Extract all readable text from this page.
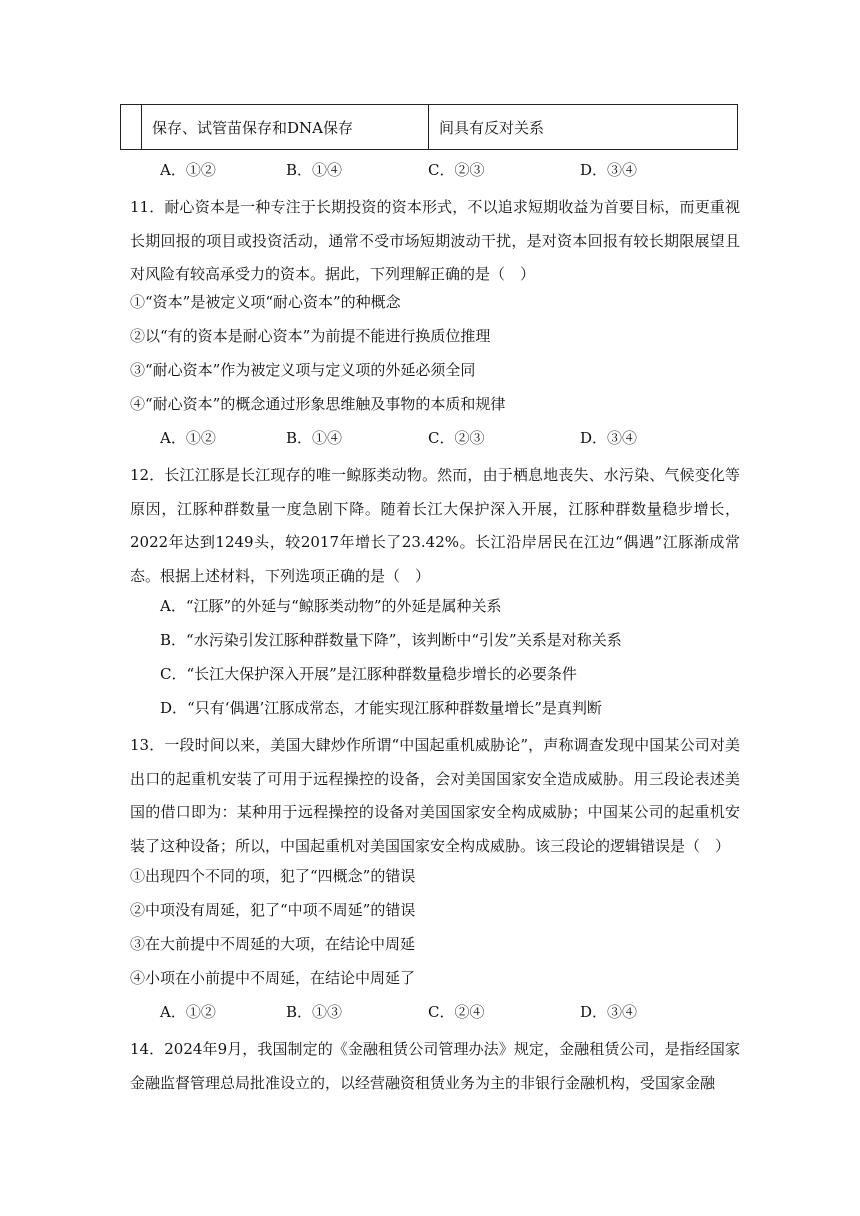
	保存、试管苗保存和DNA保存	间具有反对关系
A．①②	B．①④	C．②③	D．③④
11．耐心资本是一种专注于长期投资的资本形式，不以追求短期收益为首要目标，而更重视长期回报的项目或投资活动，通常不受市场短期波动干扰，是对资本回报有较长期限展望且对风险有较高承受力的资本。据此，下列理解正确的是（　）
①“资本”是被定义项“耐心资本”的种概念
②以“有的资本是耐心资本”为前提不能进行换质位推理
③“耐心资本”作为被定义项与定义项的外延必须全同
④“耐心资本”的概念通过形象思维触及事物的本质和规律
A．①②	B．①④	C．②③	D．③④
12．长江江豚是长江现存的唯一鲸豚类动物。然而，由于栖息地丧失、水污染、气候变化等原因，江豚种群数量一度急剧下降。随着长江大保护深入开展，江豚种群数量稳步增长，2022年达到1249头，较2017年增长了23.42%。长江沿岸居民在江边“偶遇”江豚渐成常态。根据上述材料，下列选项正确的是（　）
A．“江豚”的外延与“鲸豚类动物”的外延是属种关系
B．“水污染引发江豚种群数量下降”，该判断中“引发”关系是对称关系
C．“长江大保护深入开展”是江豚种群数量稳步增长的必要条件
D．“只有‘偶遇’江豚成常态，才能实现江豚种群数量增长”是真判断
13．一段时间以来，美国大肆炒作所谓“中国起重机威胁论”，声称调查发现中国某公司对美出口的起重机安装了可用于远程操控的设备，会对美国国家安全造成威胁。用三段论表述美国的借口即为：某种用于远程操控的设备对美国国家安全构成威胁；中国某公司的起重机安装了这种设备；所以，中国起重机对美国国家安全构成威胁。该三段论的逻辑错误是（　）
①出现四个不同的项，犯了“四概念”的错误
②中项没有周延，犯了“中项不周延”的错误
③在大前提中不周延的大项，在结论中周延
④小项在小前提中不周延，在结论中周延了
A．①②	B．①③	C．②④	D．③④
14．2024年9月，我国制定的《金融租赁公司管理办法》规定，金融租赁公司，是指经国家金融监督管理总局批准设立的，以经营融资租赁业务为主的非银行金融机构，受国家金融
